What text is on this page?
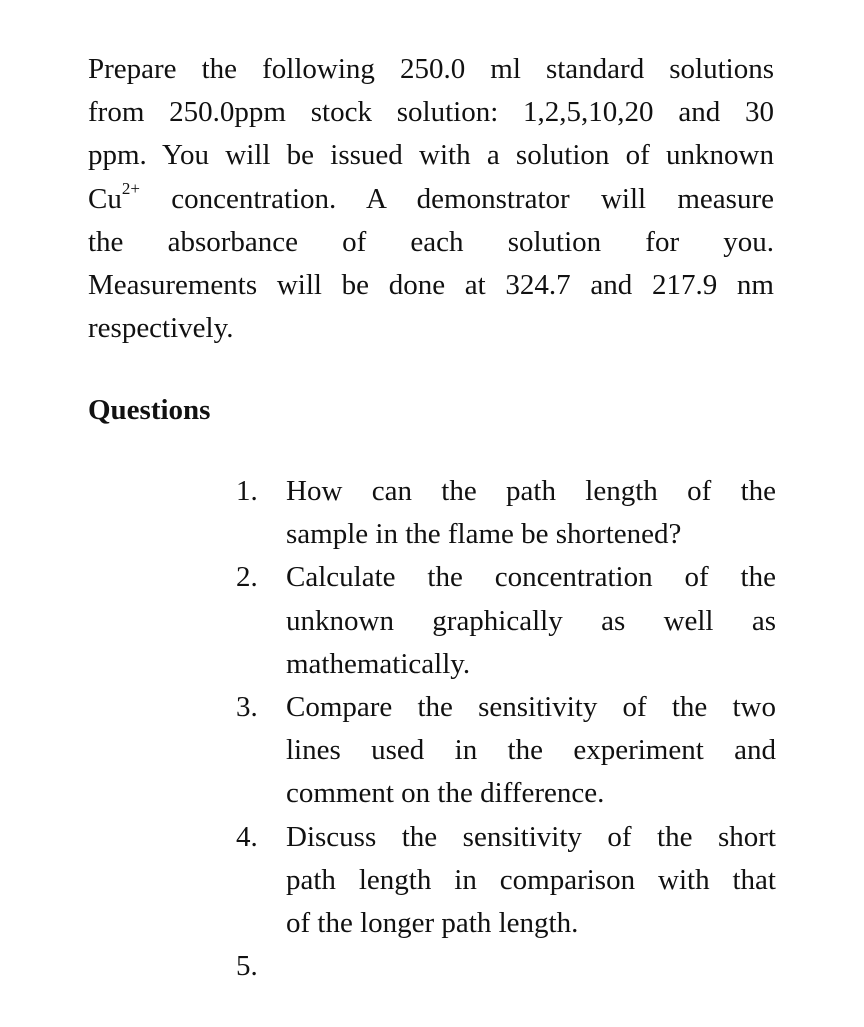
Prepare the following 250.0 ml standard solutions
from 250.0ppm stock solution: 1,2,5,10,20 and 30
ppm. You will be issued with a solution of unknown
$Cu^{2+}$ concentration. A demonstrator will measure
the absorbance of each solution for you.
Measurements will be done at 324.7 and 217.9 nm
respectively.

Questions
1. How can the path length of the
sample in the flame be shortened?
2. Calculate the concentration of the
unknown graphically as well as
mathematically.
3. Compare the sensitivity of the two
lines used in the experiment and
comment on the difference.
4. Discuss the sensitivity of the short
path length in comparison with that
of the longer path length.
5.
